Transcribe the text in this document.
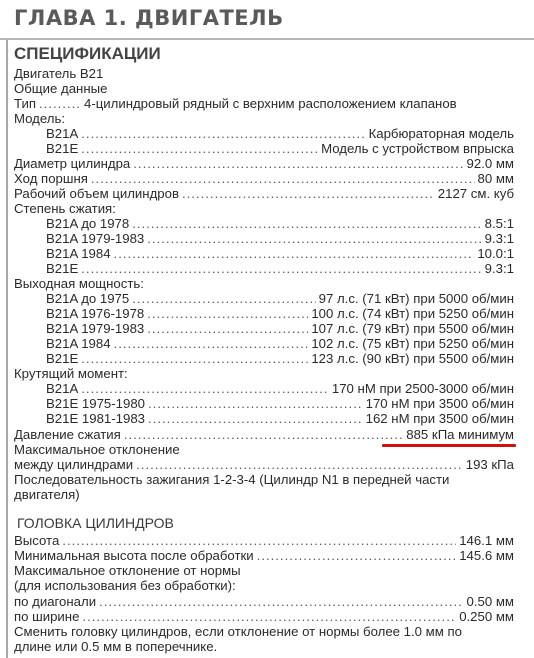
ГЛАВА 1. ДВИГАТЕЛЬ
СПЕЦИФИКАЦИИ
Двигатель B21
Общие данные
Тип .....	4-цилиндровый рядный с верхним расположением клапанов
Модель:
B21A .....	Карбюраторная модель
B21E .....	Модель с устройством впрыска
Диаметр цилиндра .....	92.0 мм
Ход поршня .....	80 мм
Рабочий объем цилиндров .....	2127 см. куб
Степень сжатия:
B21A до 1978 .....	8.5:1
B21A 1979-1983 .....	9.3:1
B21A 1984 .....	10.0:1
B21E .....	9.3:1
Выходная мощность:
B21A до 1975 .....	97 л.с. (71 кВт) при 5000 об/мин
B21A 1976-1978 .....	100 л.с. (74 кВт) при 5250 об/мин
B21A 1979-1983 .....	107 л.с. (79 кВт) при 5500 об/мин
B21A 1984 .....	102 л.с. (75 кВт) при 5250 об/мин
B21E .....	123 л.с. (90 кВт) при 5500 об/мин
Крутящий момент:
B21A .....	170 нМ при 2500-3000 об/мин
B21E 1975-1980 .....	170 нМ при 3500 об/мин
B21E 1981-1983 .....	162 нМ при 3500 об/мин
Давление сжатия .....	885 кПа минимум
Максимальное отклонение
между цилиндрами .....	193 кПа
Последовательность зажигания 1-2-3-4 (Цилиндр N1 в передней части
двигателя)
ГОЛОВКА ЦИЛИНДРОВ
Высота .....	146.1 мм
Минимальная высота после обработки .....	145.6 мм
Максимальное отклонение от нормы
(для использования без обработки):
по диагонали .....	0.50 мм
по ширине .....	0.250 мм
Сменить головку цилиндров, если отклонение от нормы более 1.0 мм по
длине или 0.5 мм в поперечнике.
